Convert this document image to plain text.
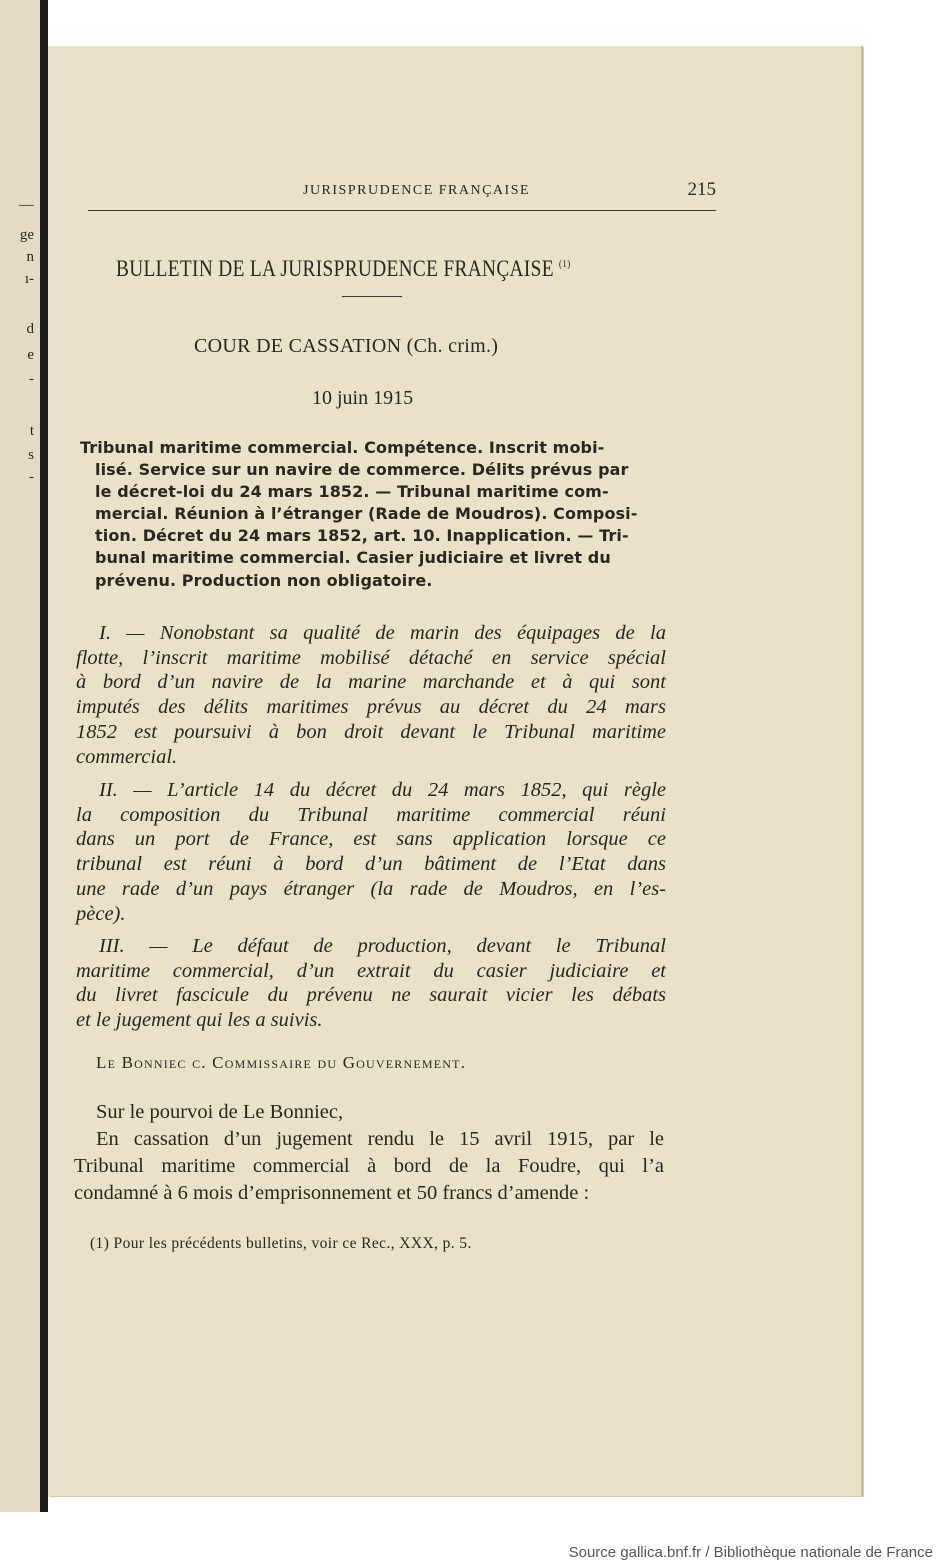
—
ge
n
ı-
d
e
-
t
s
-
JURISPRUDENCE FRANÇAISE	215
BULLETIN DE LA JURISPRUDENCE FRANÇAISE $^{(1)}$
COUR DE CASSATION (Ch. crim.)
10 juin 1915
Tribunal maritime commercial. Compétence. Inscrit mobi-
lisé. Service sur un navire de commerce. Délits prévus par
le décret-loi du 24 mars 1852. — Tribunal maritime com-
mercial. Réunion à l’étranger (Rade de Moudros). Composi-
tion. Décret du 24 mars 1852, art. 10. Inapplication. — Tri-
bunal maritime commercial. Casier judiciaire et livret du
prévenu. Production non obligatoire.
I. — Nonobstant sa qualité de marin des équipages de la
flotte, l’inscrit maritime mobilisé détaché en service spécial
à bord d’un navire de la marine marchande et à qui sont
imputés des délits maritimes prévus au décret du 24 mars
1852 est poursuivi à bon droit devant le Tribunal maritime
commercial.
II. — L’article 14 du décret du 24 mars 1852, qui règle
la composition du Tribunal maritime commercial réuni
dans un port de France, est sans application lorsque ce
tribunal est réuni à bord d’un bâtiment de l’Etat dans
une rade d’un pays étranger (la rade de Moudros, en l’es-
pèce).
III. — Le défaut de production, devant le Tribunal
maritime commercial, d’un extrait du casier judiciaire et
du livret fascicule du prévenu ne saurait vicier les débats
et le jugement qui les a suivis.
Le Bonniec c. Commissaire du Gouvernement.
Sur le pourvoi de Le Bonniec,
En cassation d’un jugement rendu le 15 avril 1915, par le
Tribunal maritime commercial à bord de la Foudre, qui l’a
condamné à 6 mois d’emprisonnement et 50 francs d’amende :
(1) Pour les précédents bulletins, voir ce Rec., XXX, p. 5.
Source gallica.bnf.fr / Bibliothèque nationale de France
